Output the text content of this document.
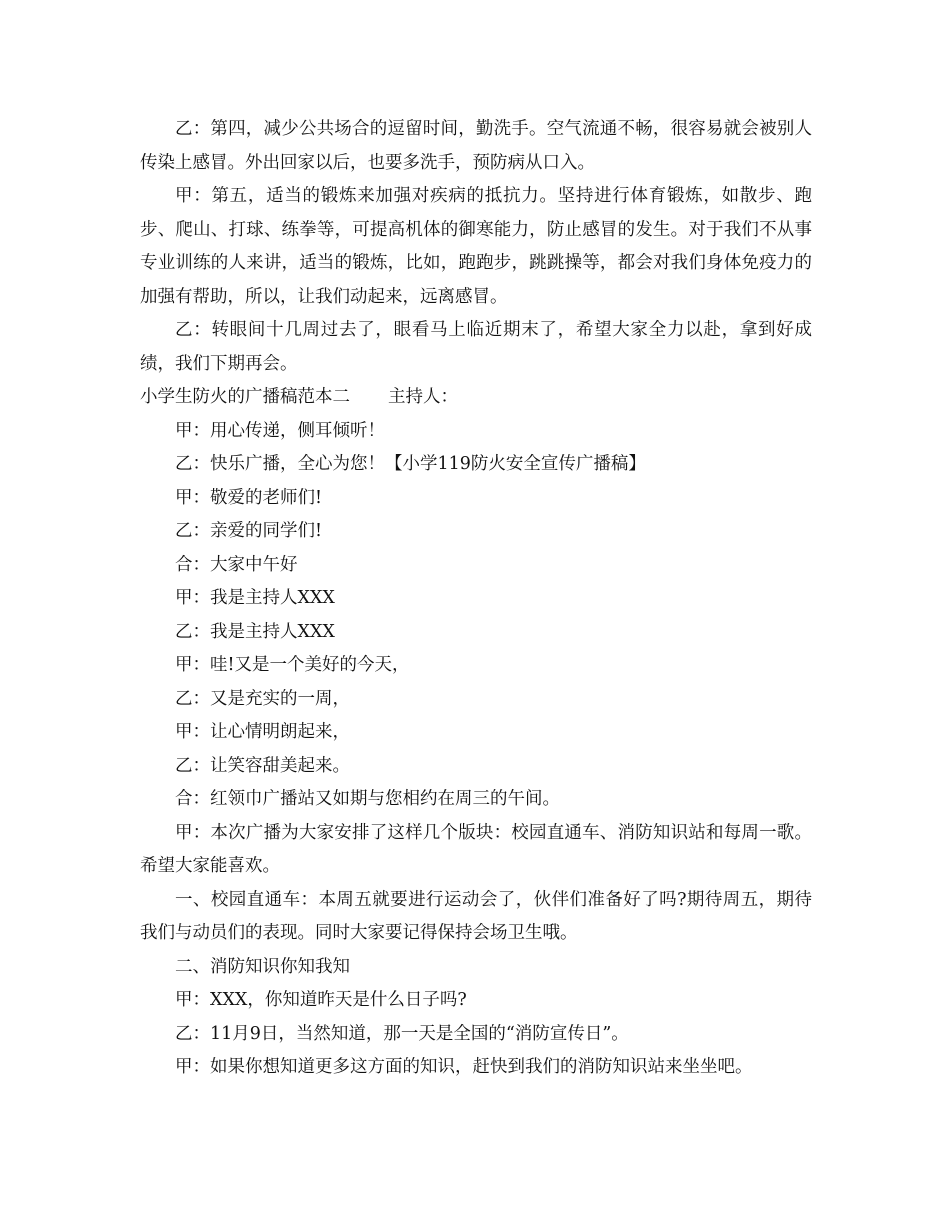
乙：第四，减少公共场合的逗留时间，勤洗手。空气流通不畅，很容易就会被别人传染上感冒。外出回家以后，也要多洗手，预防病从口入。

甲：第五，适当的锻炼来加强对疾病的抵抗力。坚持进行体育锻炼，如散步、跑步、爬山、打球、练拳等，可提高机体的御寒能力，防止感冒的发生。对于我们不从事专业训练的人来讲，适当的锻炼，比如，跑跑步，跳跳操等，都会对我们身体免疫力的加强有帮助，所以，让我们动起来，远离感冒。

乙：转眼间十几周过去了，眼看马上临近期末了，希望大家全力以赴，拿到好成绩，我们下期再会。

小学生防火的广播稿范本二 主持人：

甲：用心传递，侧耳倾听！

乙：快乐广播，全心为您！【小学119防火安全宣传广播稿】

甲：敬爱的老师们!

乙：亲爱的同学们!

合：大家中午好

甲：我是主持人XXX

乙：我是主持人XXX

甲：哇!又是一个美好的今天，

乙：又是充实的一周，

甲：让心情明朗起来，

乙：让笑容甜美起来。

合：红领巾广播站又如期与您相约在周三的午间。

甲：本次广播为大家安排了这样几个版块：校园直通车、消防知识站和每周一歌。希望大家能喜欢。

一、校园直通车：本周五就要进行运动会了，伙伴们准备好了吗?期待周五，期待我们与动员们的表现。同时大家要记得保持会场卫生哦。

二、消防知识你知我知

甲：XXX，你知道昨天是什么日子吗?

乙：11月9日，当然知道，那一天是全国的“消防宣传日”。

甲：如果你想知道更多这方面的知识，赶快到我们的消防知识站来坐坐吧。
